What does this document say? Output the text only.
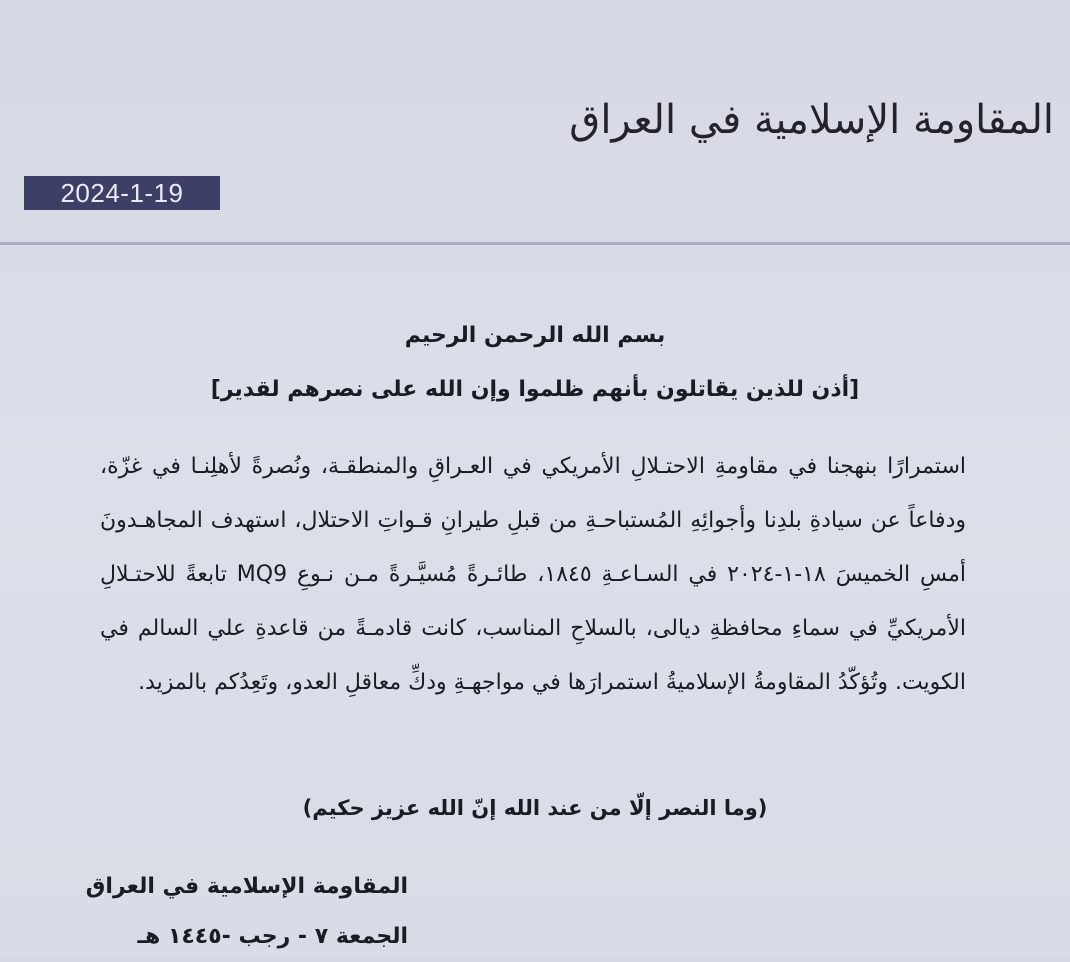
المقاومة الإسلامية في العراق
2024-1-19
بسم الله الرحمن الرحيم
[أذن للذين يقاتلون بأنهم ظلموا وإن الله على نصرهم لقدير]
استمرارًا بنهجنا في مقاومةِ الاحتـلالِ الأمريكي في العـراقِ والمنطقـة، ونُصرةً لأهلِنـا في غزّة، ودفاعاً عن سيادةِ بلدِنا وأجوائِهِ المُستباحـةِ من قبلِ طيرانِ قـواتِ الاحتلال، استهدف المجاهـدونَ أمسِ الخميسَ ١٨-١-٢٠٢٤ في السـاعـةِ ١٨٤٥، طائـرةً مُسيَّـرةً مـن نـوعِ MQ9 تابعةً للاحتـلالِ الأمريكيِّ في سماءِ محافظةِ ديالى، بالسلاحِ المناسب، كانت قادمـةً من قاعدةِ علي السالم في الكويت. وتُؤكّدُ المقاومةُ الإسلاميةُ استمرارَها في مواجهـةِ ودكِّ معاقلِ العدو، وتَعِدُكم بالمزيد.
(وما النصر إلّا من عند الله إنّ الله عزيز حكيم)
المقاومة الإسلامية في العراق
الجمعة ٧ - رجب -١٤٤٥ هـ
